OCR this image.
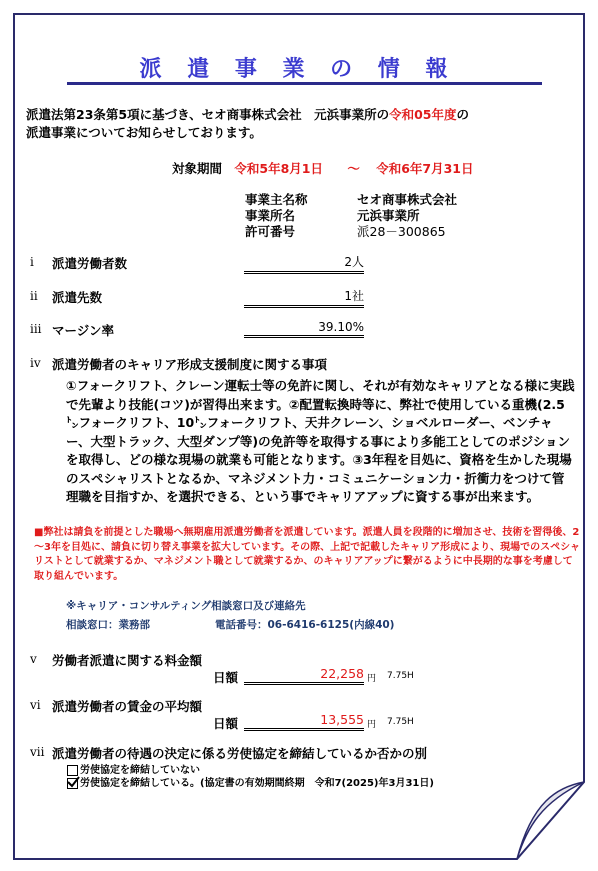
派 遣 事 業 の 情 報
派遣法第23条第5項に基づき、セオ商事株式会社　元浜事業所の令和05年度の
派遣事業についてお知らせしております。
対象期間 令和5年8月1日 ～ 令和6年7月31日
事業主名称	セオ商事株式会社
事業所名	元浜事業所
許可番号	派28－300865
i 派遣労働者数	2人
ii 派遣先数	1社
iii マージン率	39.10%
iv 派遣労働者のキャリア形成支援制度に関する事項
①フォークリフト、クレーン運転士等の免許に関し、それが有効なキャリアとなる様に実践で先輩より技能(コツ)が習得出来ます。②配置転換時等に、弊社で使用している重機(2.5㌧フォークリフト、10㌧フォークリフト、天井クレーン、ショベルローダー、ベンチャー、大型トラック、大型ダンプ等)の免許等を取得する事により多能工としてのポジションを取得し、どの様な現場の就業も可能となります。③3年程を目処に、資格を生かした現場のスペシャリストとなるか、マネジメント力・コミュニケーション力・折衝力をつけて管理職を目指すか、を選択できる、という事でキャリアアップに資する事が出来ます。
■弊社は請負を前提とした職場へ無期雇用派遣労働者を派遣しています。派遣人員を段階的に増加させ、技術を習得後、2～3年を目処に、請負に切り替え事業を拡大しています。その際、上記で記載したキャリア形成により、現場でのスペシャリストとして就業するか、マネジメント職として就業するか、のキャリアアップに繋がるように中長期的な事を考慮して取り組んでいます。
※キャリア・コンサルティング相談窓口及び連絡先
相談窓口：業務部	電話番号：06-6416-6125(内線40)
v 労働者派遣に関する料金額
日額	22,258 円 7.75H
vi 派遣労働者の賃金の平均額
日額	13,555 円 7.75H
vii 派遣労働者の待遇の決定に係る労使協定を締結しているか否かの別
労使協定を締結していない
労使協定を締結している。(協定書の有効期間終期　令和7(2025)年3月31日)
